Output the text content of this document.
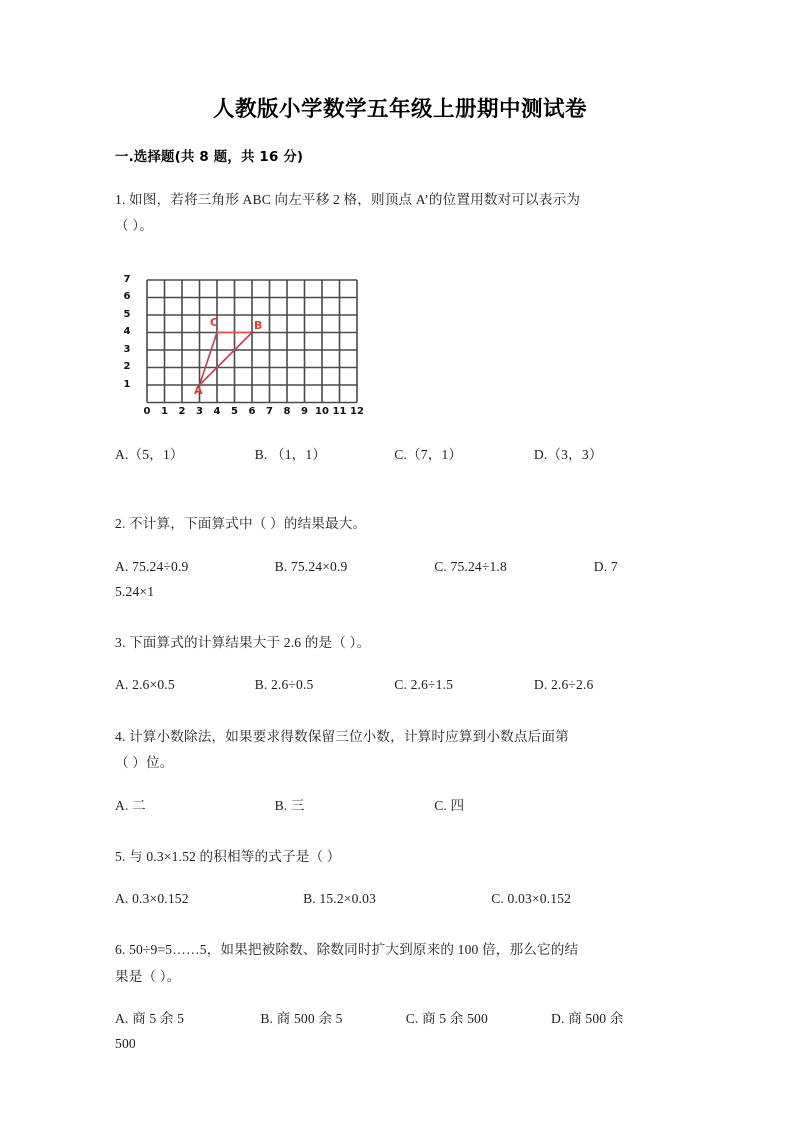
人教版小学数学五年级上册期中测试卷
一.选择题(共 8 题，共 16 分)
1. 如图，若将三角形 ABC 向左平移 2 格，则顶点 A’的位置用数对可以表示为
（ ）。
7
6
5
4
3
2
1
0 1 2 3 4 5 6 7 8 9 10 11 12
A
B
C
A.（5，1）	B. （1，1）	C.（7，1）	D.（3，3）
2. 不计算，下面算式中（ ）的结果最大。
A. 75.24÷0.9	B. 75.24×0.9	C. 75.24÷1.8	D. 7
5.24×1
3. 下面算式的计算结果大于 2.6 的是（ ）。
A. 2.6×0.5	B. 2.6÷0.5	C. 2.6÷1.5	D. 2.6÷2.6
4. 计算小数除法，如果要求得数保留三位小数，计算时应算到小数点后面第
（ ）位。
A. 二	B. 三	C. 四
5. 与 0.3×1.52 的积相等的式子是（ ）
A. 0.3×0.152	B. 15.2×0.03	C. 0.03×0.152
6. 50÷9=5……5，如果把被除数、除数同时扩大到原来的 100 倍，那么它的结
果是（ ）。
A. 商 5 余 5	B. 商 500 余 5	C. 商 5 余 500	D. 商 500 余
500
